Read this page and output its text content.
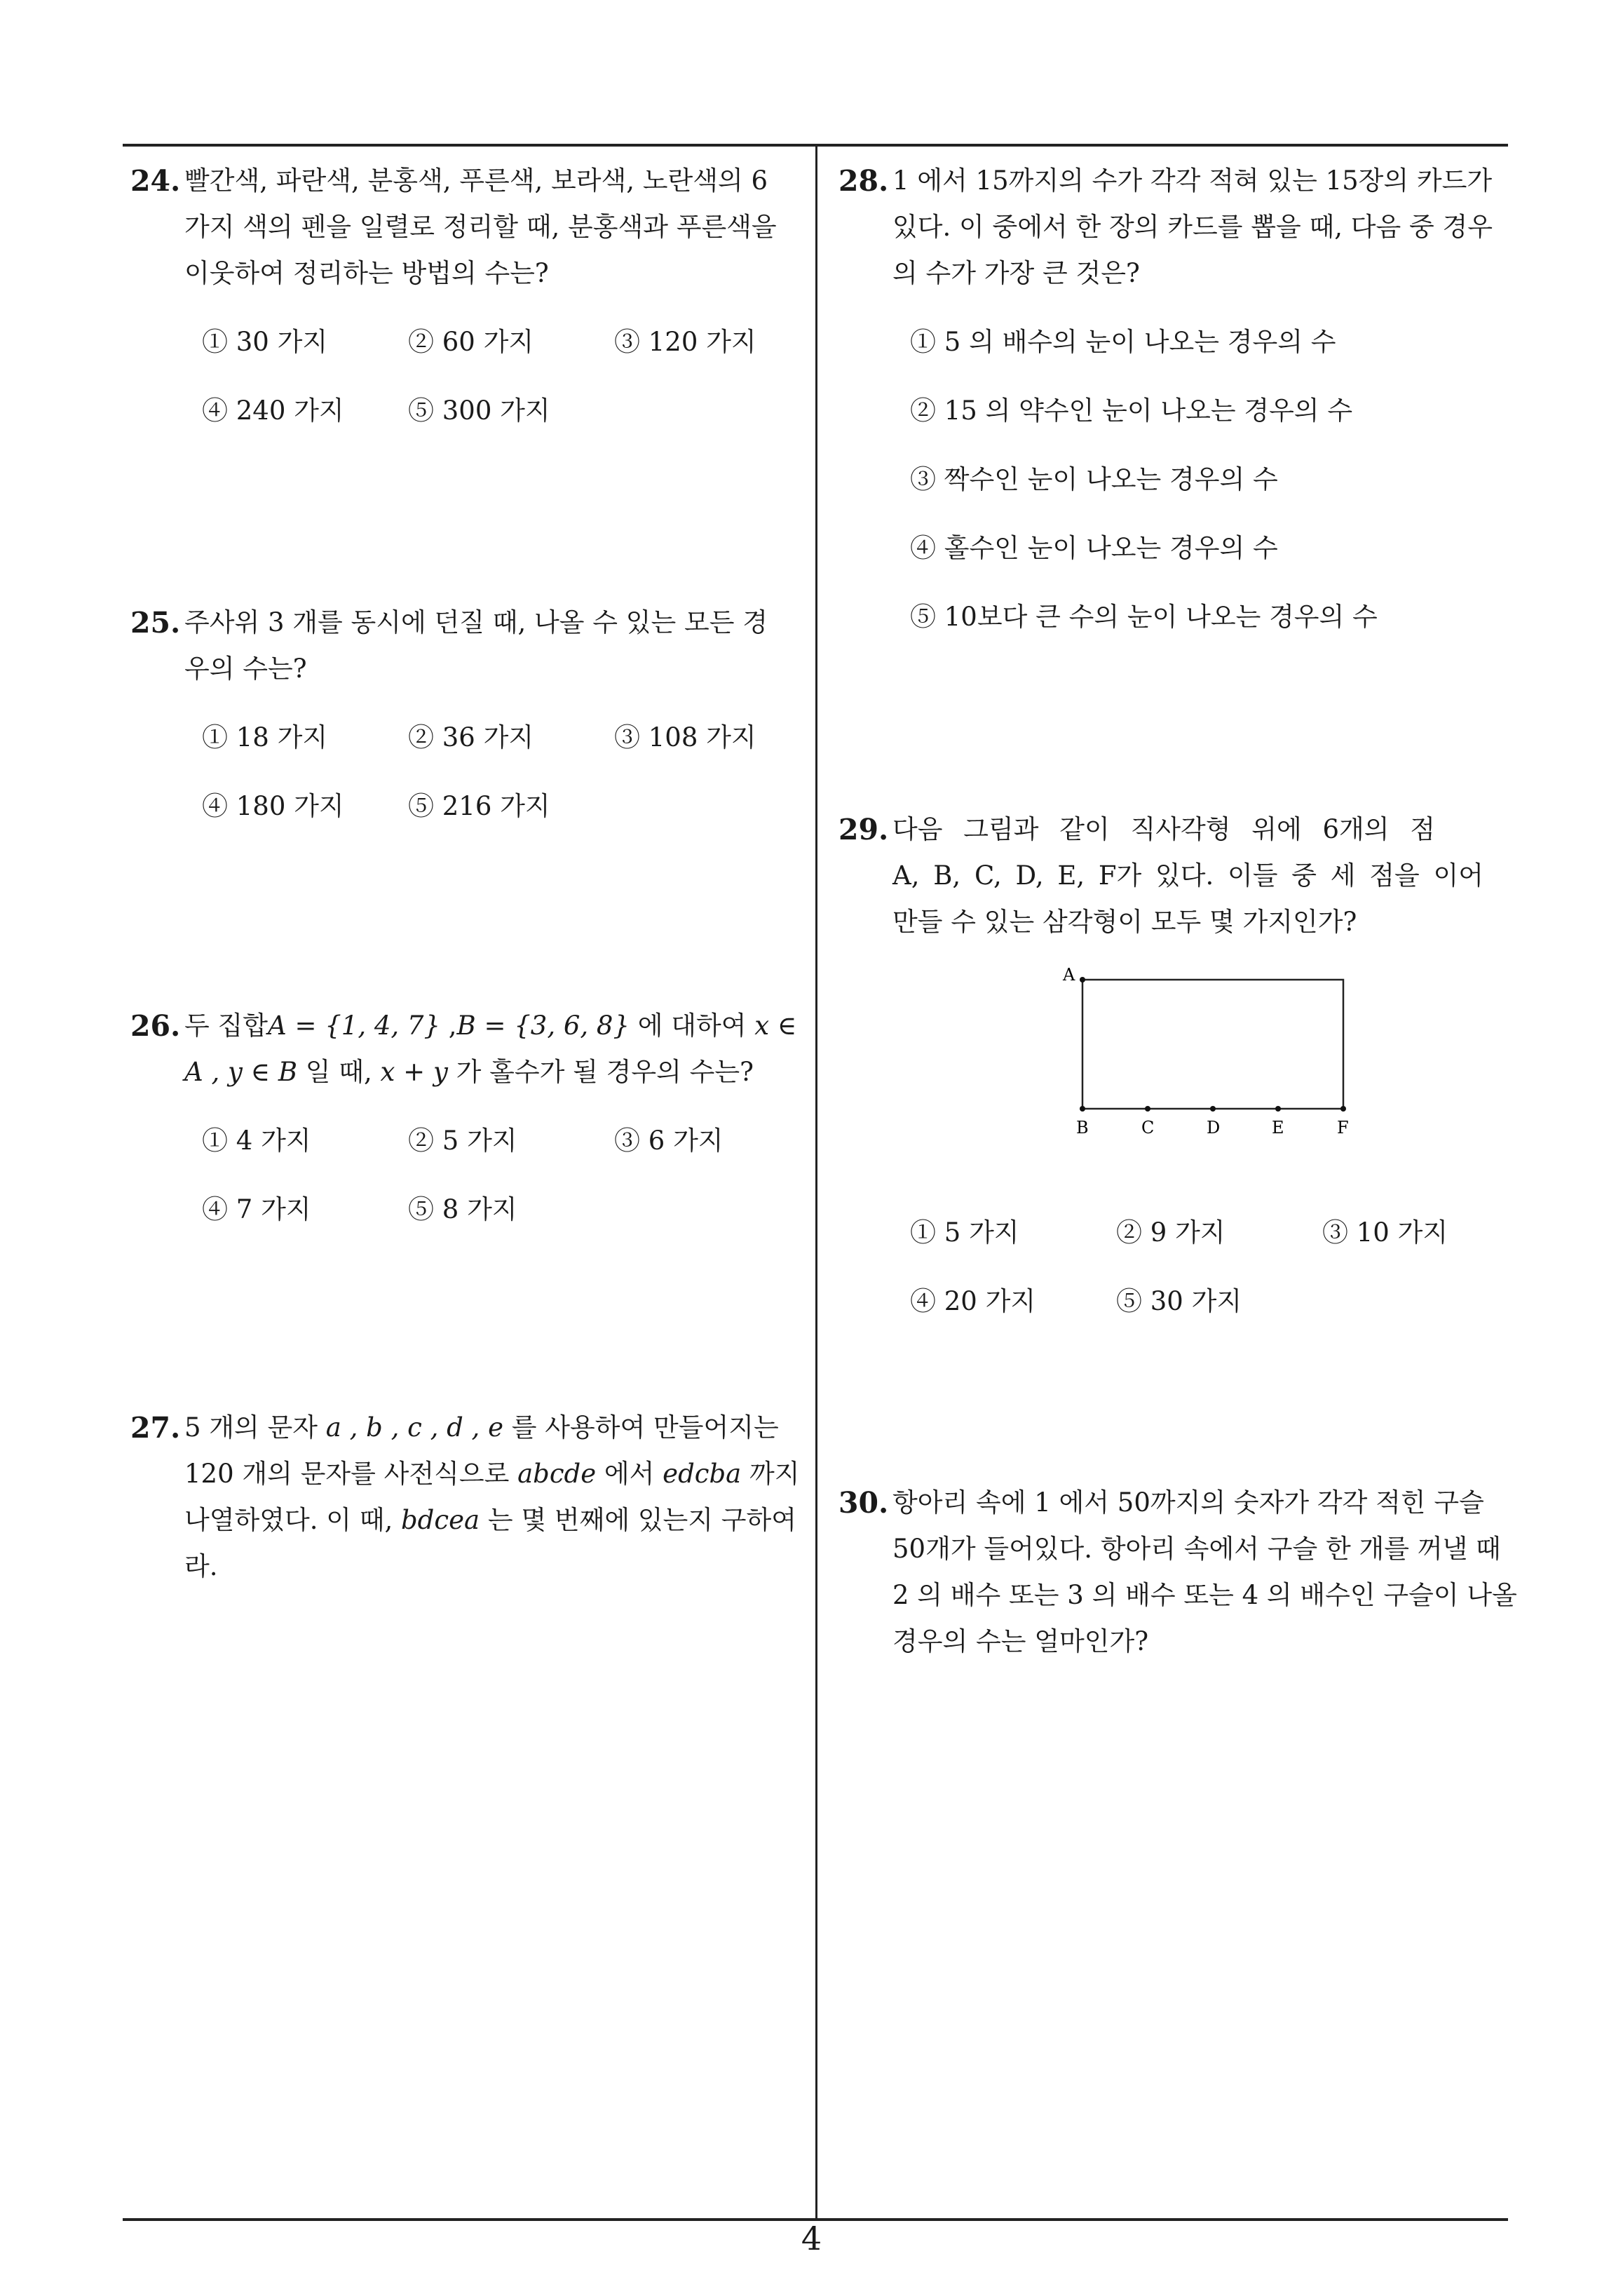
24. 빨간색, 파란색, 분홍색, 푸른색, 보라색, 노란색의 6
가지 색의 펜을 일렬로 정리할 때, 분홍색과 푸른색을
이웃하여 정리하는 방법의 수는?
① 30 가지	② 60 가지	③ 120 가지
④ 240 가지 ⑤ 300 가지
25. 주사위 3 개를 동시에 던질 때, 나올 수 있는 모든 경
우의 수는?
① 18 가지	② 36 가지	③ 108 가지
④ 180 가지 ⑤ 216 가지
26. 두 집합A = {1, 4, 7} ,B = {3, 6, 8} 에 대하여 x ∈
A , y ∈ B 일 때, x + y 가 홀수가 될 경우의 수는?
① 4 가지	② 5 가지	③ 6 가지
④ 7 가지	⑤ 8 가지
27. 5 개의 문자 a , b , c , d , e 를 사용하여 만들어지는
120 개의 문자를 사전식으로 abcde 에서 edcba 까지
나열하였다. 이 때, bdcea 는 몇 번째에 있는지 구하여
라.
28. 1 에서 15까지의 수가 각각 적혀 있는 15장의 카드가
있다. 이 중에서 한 장의 카드를 뽑을 때, 다음 중 경우
의 수가 가장 큰 것은?
① 5 의 배수의 눈이 나오는 경우의 수
② 15 의 약수인 눈이 나오는 경우의 수
③ 짝수인 눈이 나오는 경우의 수
④ 홀수인 눈이 나오는 경우의 수
⑤ 10보다 큰 수의 눈이 나오는 경우의 수
29. 다음 그림과 같이 직사각형 위에 6개의 점
A, B, C, D, E, F가 있다. 이들 중 세 점을 이어
만들 수 있는 삼각형이 모두 몇 가지인가?
A
B	C	D	E	F
① 5 가지	② 9 가지	③ 10 가지
④ 20 가지	⑤ 30 가지
30. 항아리 속에 1 에서 50까지의 숫자가 각각 적힌 구슬
50개가 들어있다. 항아리 속에서 구슬 한 개를 꺼낼 때
2 의 배수 또는 3 의 배수 또는 4 의 배수인 구슬이 나올
경우의 수는 얼마인가?
4
